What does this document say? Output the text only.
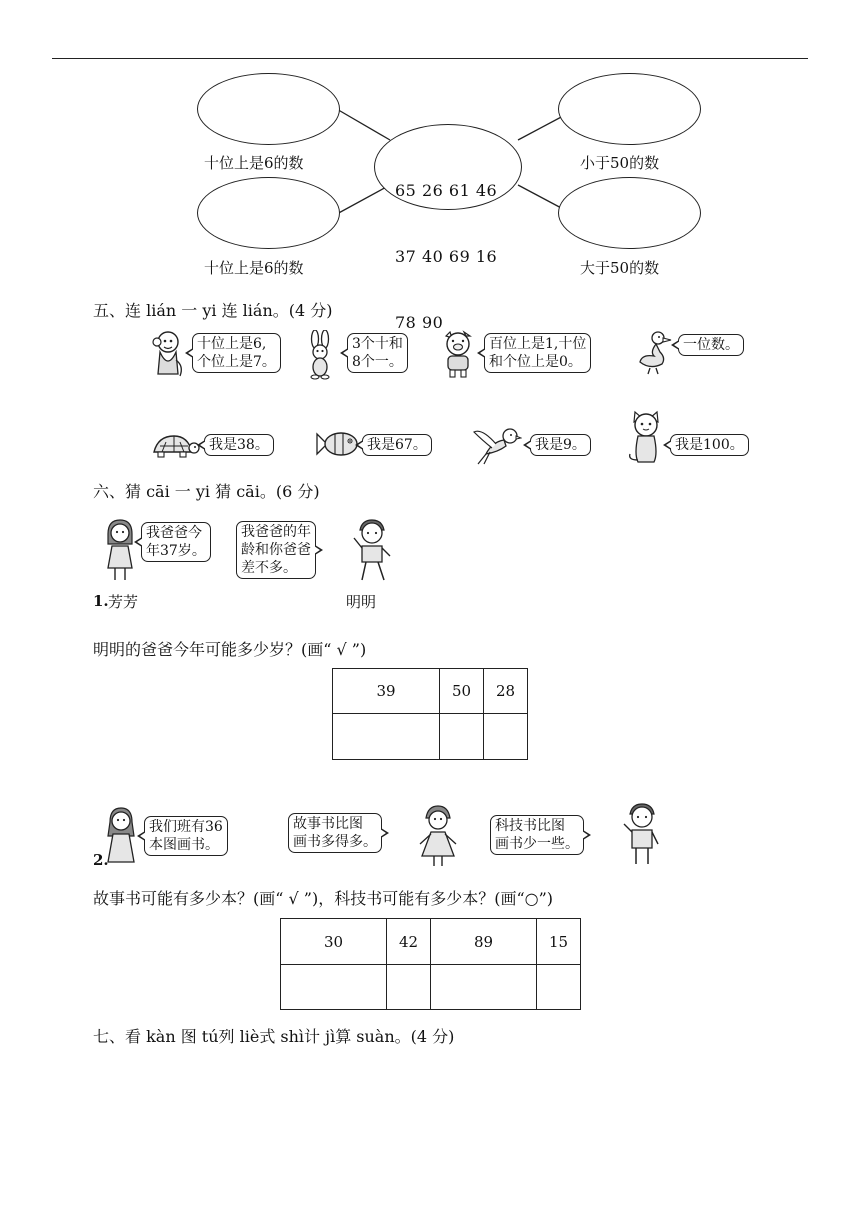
十位上是6的数
十位上是6的数

65 26 61 46

37 40 69 16

78 90

小于50的数
大于50的数
五、连 lián 一 yi 连 lián。(4 分)
十位上是6,
个位上是7。
3个十和
8个一。
百位上是1,十位
和个位上是0。
一位数。
我是38。	我是67。	我是9。	我是100。
六、猜 cāi 一 yi 猜 cāi。(6 分)
我爸爸今
年37岁。
我爸爸的年
龄和你爸爸
差不多。
1. 芳芳	明明
明明的爸爸今年可能多少岁？(画“ √ ”)
39	50	28

我们班有36
本图画书。
故事书比图
画书多得多。
科技书比图
画书少一些。
2.
故事书可能有多少本？(画“ √ ”)，科技书可能有多少本？(画“○”)
30	42	89	15

七、看 kàn 图 tú列 liè式 shì计 jì算 suàn。(4 分)
